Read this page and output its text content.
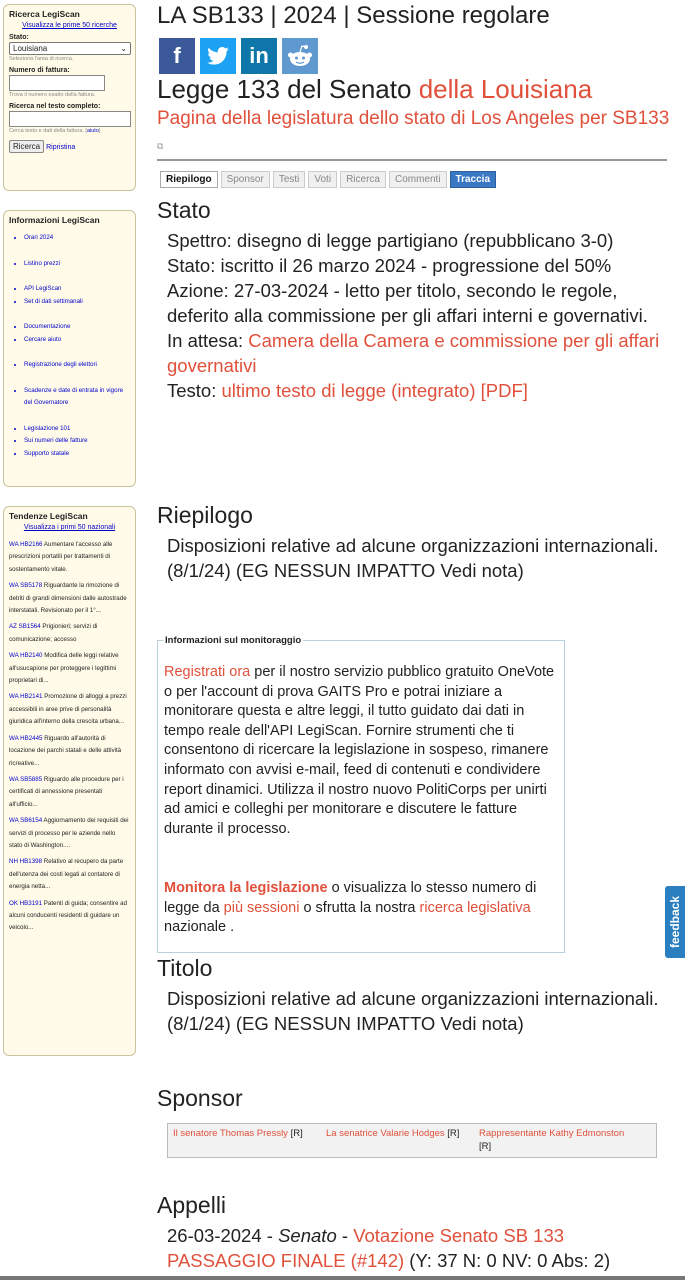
Ricerca LegiScan
Visualizza le prime 50 ricerche
Stato:
Louisiana	⌄
Seleziona l'area di ricerca.
Numero di fattura:
Trova il numero esatto della fattura.
Ricerca nel testo completo:
Cerca testo e dati della fattura. [aiuto]
Ricerca Ripristina
Informazioni LegiScan
• Orari 2024
• Listino prezzi
• API LegiScan
• Set di dati settimanali
• Documentazione
• Cercare aiuto
• Registrazione degli elettori
• Scadenze e date di entrata in vigore del Governatore
• Legislazione 101
• Sui numeri delle fatture
• Supporto statale
Tendenze LegiScan
Visualizza i primi 50 nazionali

WA HB2166 Aumentare l'accesso alle prescrizioni portatili per trattamenti di sostentamento vitale.

WA SB5178 Riguardante la rimozione di detriti di grandi dimensioni dalle autostrade interstatali. Revisionato per il 1°...

AZ SB1564 Prigionieri; servizi di comunicazione; accesso

WA HB2140 Modifica delle leggi relative all'usucapione per proteggere i legittimi proprietari di...

WA HB2141 Promozione di alloggi a prezzi accessibili in aree prive di personalità giuridica all'interno della crescita urbana...

WA HB2445 Riguardo all'autorità di locazione dei parchi statali e delle attività ricreative...

WA SB5885 Riguardo alle procedure per i certificati di annessione presentati all'ufficio...

WA SB6154 Aggiornamento dei requisiti dei servizi di processo per le aziende nello stato di Washington....

NH HB1398 Relativo al recupero da parte dell'utenza dei costi legati al contatore di energia netta...

OK HB3191 Patenti di guida; consentire ad alcuni conducenti residenti di guidare un veicolo...

LA SB133 | 2024 | Sessione regolare
f	in
Legge 133 del Senato della Louisiana
Pagina della legislatura dello stato di Los Angeles per SB133 ⧉
Riepilogo	Sponsor	Testi	Voti	Ricerca	Commenti	Traccia
Stato
Spettro: disegno di legge partigiano (repubblicano 3-0)
Stato: iscritto il 26 marzo 2024 - progressione del 50%
Azione: 27-03-2024 - letto per titolo, secondo le regole, deferito alla commissione per gli affari interni e governativi.
In attesa: Camera della Camera e commissione per gli affari governativi
Testo: ultimo testo di legge (integrato) [PDF]
Riepilogo
Disposizioni relative ad alcune organizzazioni internazionali. (8/1/24) (EG NESSUN IMPATTO Vedi nota)
Informazioni sul monitoraggio
Registrati ora per il nostro servizio pubblico gratuito OneVote o per l'account di prova GAITS Pro e potrai iniziare a monitorare questa e altre leggi, il tutto guidato dai dati in tempo reale dell'API LegiScan. Fornire strumenti che ti consentono di ricercare la legislazione in sospeso, rimanere informato con avvisi e-mail, feed di contenuti e condividere report dinamici. Utilizza il nostro nuovo PolitiCorps per unirti ad amici e colleghi per monitorare e discutere le fatture durante il processo.
Monitora la legislazione o visualizza lo stesso numero di legge da più sessioni o sfrutta la nostra ricerca legislativa nazionale .
Titolo
Disposizioni relative ad alcune organizzazioni internazionali. (8/1/24) (EG NESSUN IMPATTO Vedi nota)
Sponsor
Il senatore Thomas Pressly [R]	La senatrice Valarie Hodges [R]	Rappresentante Kathy Edmonston [R]
Appelli
26-03-2024 - Senato - Votazione Senato SB 133 PASSAGGIO FINALE (#142) (Y: 37 N: 0 NV: 0 Abs: 2)
feedback
